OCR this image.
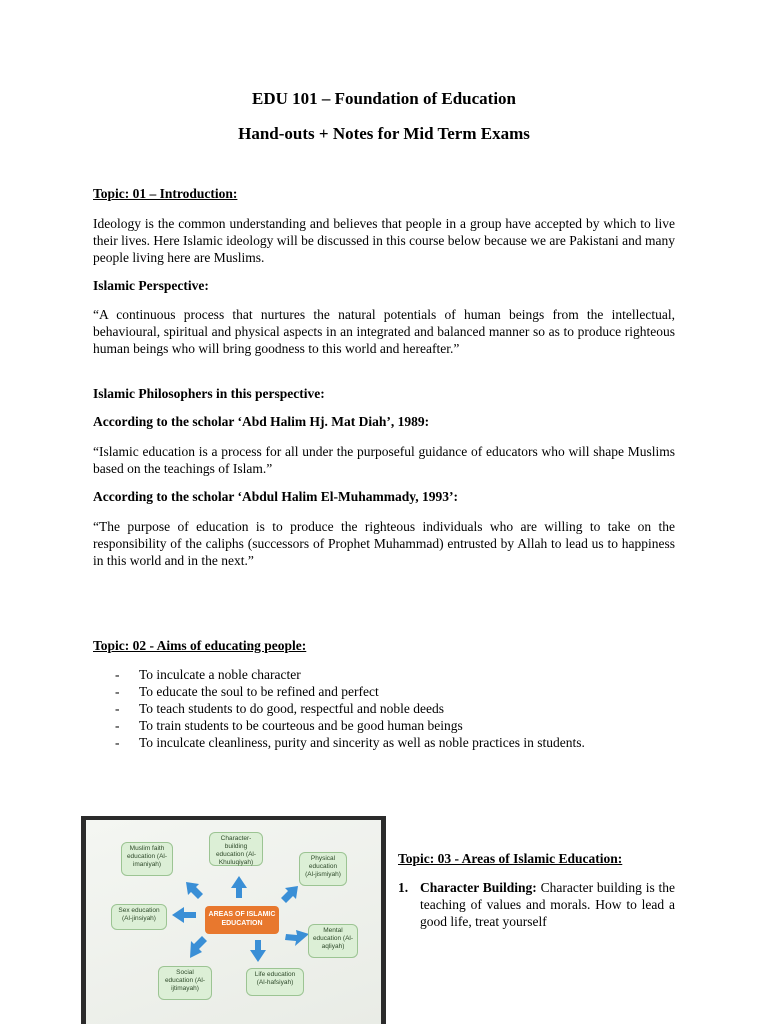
EDU 101 – Foundation of Education
Hand-outs + Notes for Mid Term Exams
Topic: 01 – Introduction:
Ideology is the common understanding and believes that people in a group have accepted by which to live their lives. Here Islamic ideology will be discussed in this course below because we are Pakistani and many people living here are Muslims.
Islamic Perspective:
“A continuous process that nurtures the natural potentials of human beings from the intellectual, behavioural, spiritual and physical aspects in an integrated and balanced manner so as to produce righteous human beings who will bring goodness to this world and hereafter.”
Islamic Philosophers in this perspective:
According to the scholar ‘Abd Halim Hj. Mat Diah’, 1989:
“Islamic education is a process for all under the purposeful guidance of educators who will shape Muslims based on the teachings of Islam.”
According to the scholar ‘Abdul Halim El-Muhammady, 1993’:
“The purpose of education is to produce the righteous individuals who are willing to take on the responsibility of the caliphs (successors of Prophet Muhammad) entrusted by Allah to lead us to happiness in this world and in the next.”
Topic: 02 - Aims of educating people:
- To inculcate a noble character
- To educate the soul to be refined and perfect
- To teach students to do good, respectful and noble deeds
- To train students to be courteous and be good human beings
- To inculcate cleanliness, purity and sincerity as well as noble practices in students.
Muslim faith education (Al-imaniyah)
Character-building education (Al-Khuluqiyah)
Physical education (Al-jismiyah)
Sex education (Al-jinsiyah)
AREAS OF ISLAMIC EDUCATION
Mental education (Al-aqliyah)
Social education (Al-ijtimayah)
Life education (Al-hafsiyah)
Topic: 03 - Areas of Islamic Education:
1. Character Building: Character building is the teaching of values and morals. How to lead a good life, treat yourself
